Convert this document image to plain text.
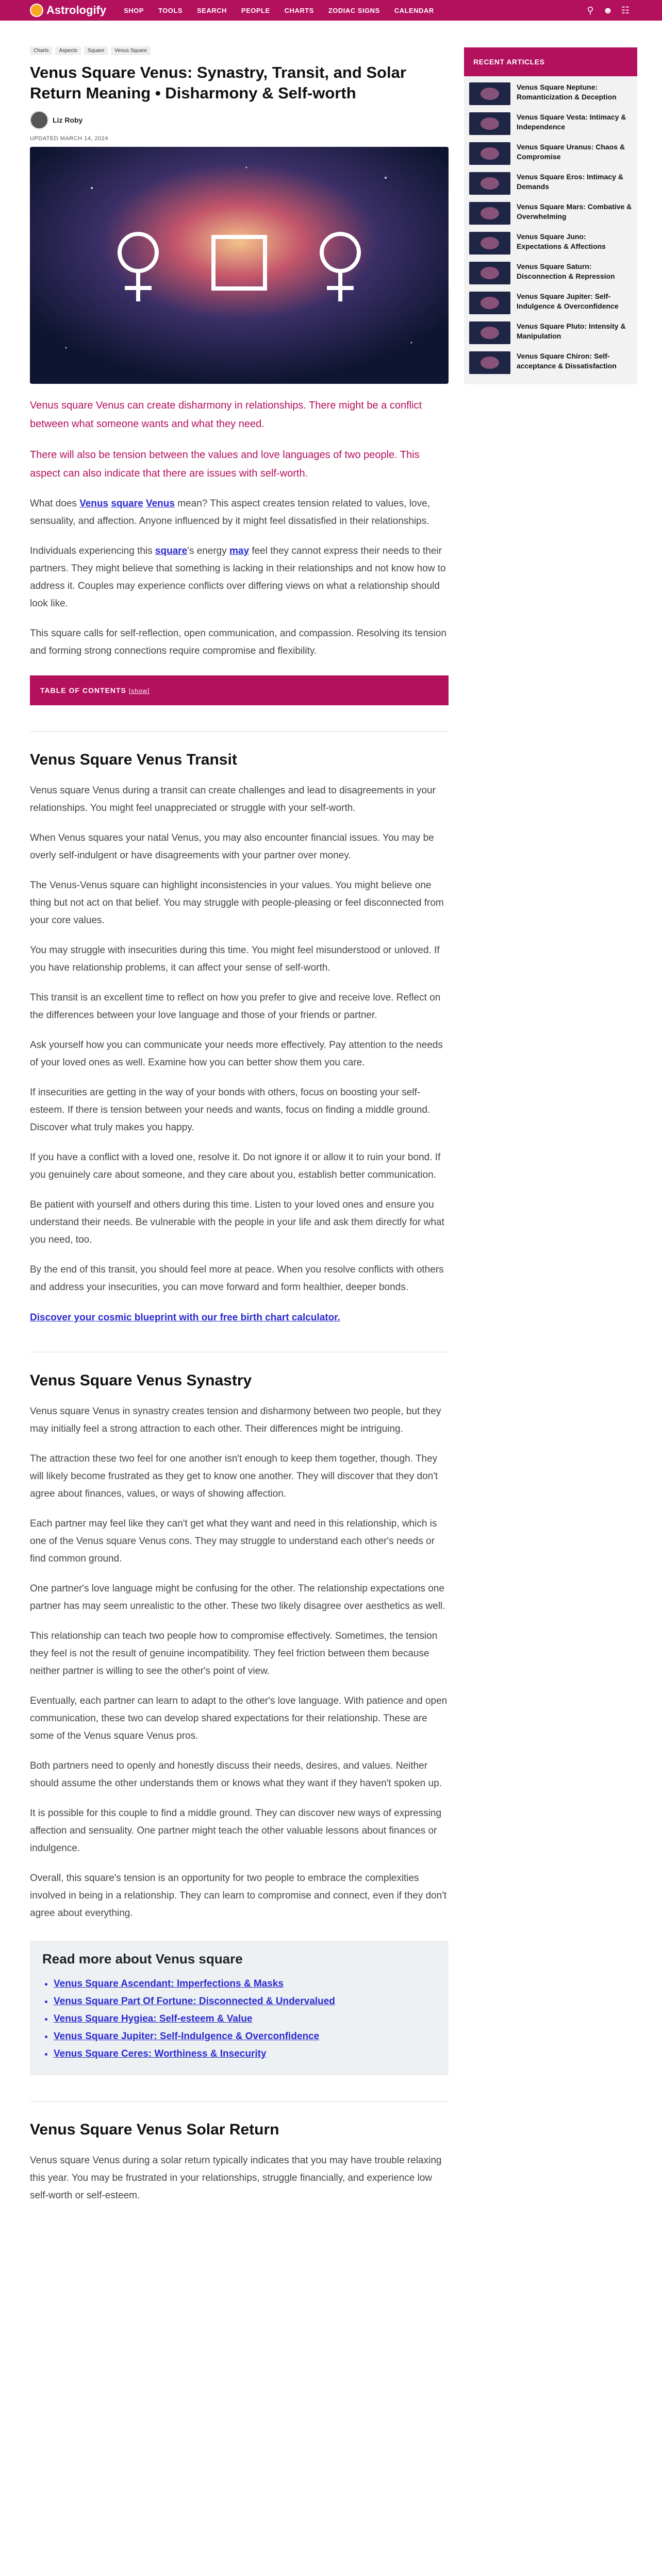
Astrologify	SHOP TOOLS SEARCH PEOPLE CHARTS ZODIAC SIGNS CALENDAR	⚲ ☻ ☷
Charts	Aspects	Square	Venus Square
Venus Square Venus: Synastry, Transit, and Solar Return Meaning • Disharmony & Self-worth
Liz Roby
UPDATED MARCH 14, 2024

Venus square Venus can create disharmony in relationships. There might be a conflict between what someone wants and what they need.

There will also be tension between the values and love languages of two people. This aspect can also indicate that there are issues with self-worth.

What does Venus square Venus mean? This aspect creates tension related to values, love, sensuality, and affection. Anyone influenced by it might feel dissatisfied in their relationships.

Individuals experiencing this square's energy may feel they cannot express their needs to their partners. They might believe that something is lacking in their relationships and not know how to address it. Couples may experience conflicts over differing views on what a relationship should look like.

This square calls for self-reflection, open communication, and compassion. Resolving its tension and forming strong connections require compromise and flexibility.

TABLE OF CONTENTS [show]
Venus Square Venus Transit

Venus square Venus during a transit can create challenges and lead to disagreements in your relationships. You might feel unappreciated or struggle with your self-worth.

When Venus squares your natal Venus, you may also encounter financial issues. You may be overly self-indulgent or have disagreements with your partner over money.

The Venus-Venus square can highlight inconsistencies in your values. You might believe one thing but not act on that belief. You may struggle with people-pleasing or feel disconnected from your core values.

You may struggle with insecurities during this time. You might feel misunderstood or unloved. If you have relationship problems, it can affect your sense of self-worth.

This transit is an excellent time to reflect on how you prefer to give and receive love. Reflect on the differences between your love language and those of your friends or partner.

Ask yourself how you can communicate your needs more effectively. Pay attention to the needs of your loved ones as well. Examine how you can better show them you care.

If insecurities are getting in the way of your bonds with others, focus on boosting your self-esteem. If there is tension between your needs and wants, focus on finding a middle ground. Discover what truly makes you happy.

If you have a conflict with a loved one, resolve it. Do not ignore it or allow it to ruin your bond. If you genuinely care about someone, and they care about you, establish better communication.

Be patient with yourself and others during this time. Listen to your loved ones and ensure you understand their needs. Be vulnerable with the people in your life and ask them directly for what you need, too.

By the end of this transit, you should feel more at peace. When you resolve conflicts with others and address your insecurities, you can move forward and form healthier, deeper bonds.

Discover your cosmic blueprint with our free birth chart calculator.
Venus Square Venus Synastry

Venus square Venus in synastry creates tension and disharmony between two people, but they may initially feel a strong attraction to each other. Their differences might be intriguing.

The attraction these two feel for one another isn't enough to keep them together, though. They will likely become frustrated as they get to know one another. They will discover that they don't agree about finances, values, or ways of showing affection.

Each partner may feel like they can't get what they want and need in this relationship, which is one of the Venus square Venus cons. They may struggle to understand each other's needs or find common ground.

One partner's love language might be confusing for the other. The relationship expectations one partner has may seem unrealistic to the other. These two likely disagree over aesthetics as well.

This relationship can teach two people how to compromise effectively. Sometimes, the tension they feel is not the result of genuine incompatibility. They feel friction between them because neither partner is willing to see the other's point of view.

Eventually, each partner can learn to adapt to the other's love language. With patience and open communication, these two can develop shared expectations for their relationship. These are some of the Venus square Venus pros.

Both partners need to openly and honestly discuss their needs, desires, and values. Neither should assume the other understands them or knows what they want if they haven't spoken up.

It is possible for this couple to find a middle ground. They can discover new ways of expressing affection and sensuality. One partner might teach the other valuable lessons about finances or indulgence.

Overall, this square's tension is an opportunity for two people to embrace the complexities involved in being in a relationship. They can learn to compromise and connect, even if they don't agree about everything.

Read more about Venus square
• Venus Square Ascendant: Imperfections & Masks
• Venus Square Part Of Fortune: Disconnected & Undervalued
• Venus Square Hygiea: Self-esteem & Value
• Venus Square Jupiter: Self-Indulgence & Overconfidence
• Venus Square Ceres: Worthiness & Insecurity
Venus Square Venus Solar Return

Venus square Venus during a solar return typically indicates that you may have trouble relaxing this year. You may be frustrated in your relationships, struggle financially, and experience low self-worth or self-esteem.

RECENT ARTICLES
Venus Square Neptune: Romanticization & Deception
Venus Square Vesta: Intimacy & Independence
Venus Square Uranus: Chaos & Compromise
Venus Square Eros: Intimacy & Demands
Venus Square Mars: Combative & Overwhelming
Venus Square Juno: Expectations & Affections
Venus Square Saturn: Disconnection & Repression
Venus Square Jupiter: Self-Indulgence & Overconfidence
Venus Square Pluto: Intensity & Manipulation
Venus Square Chiron: Self-acceptance & Dissatisfaction
